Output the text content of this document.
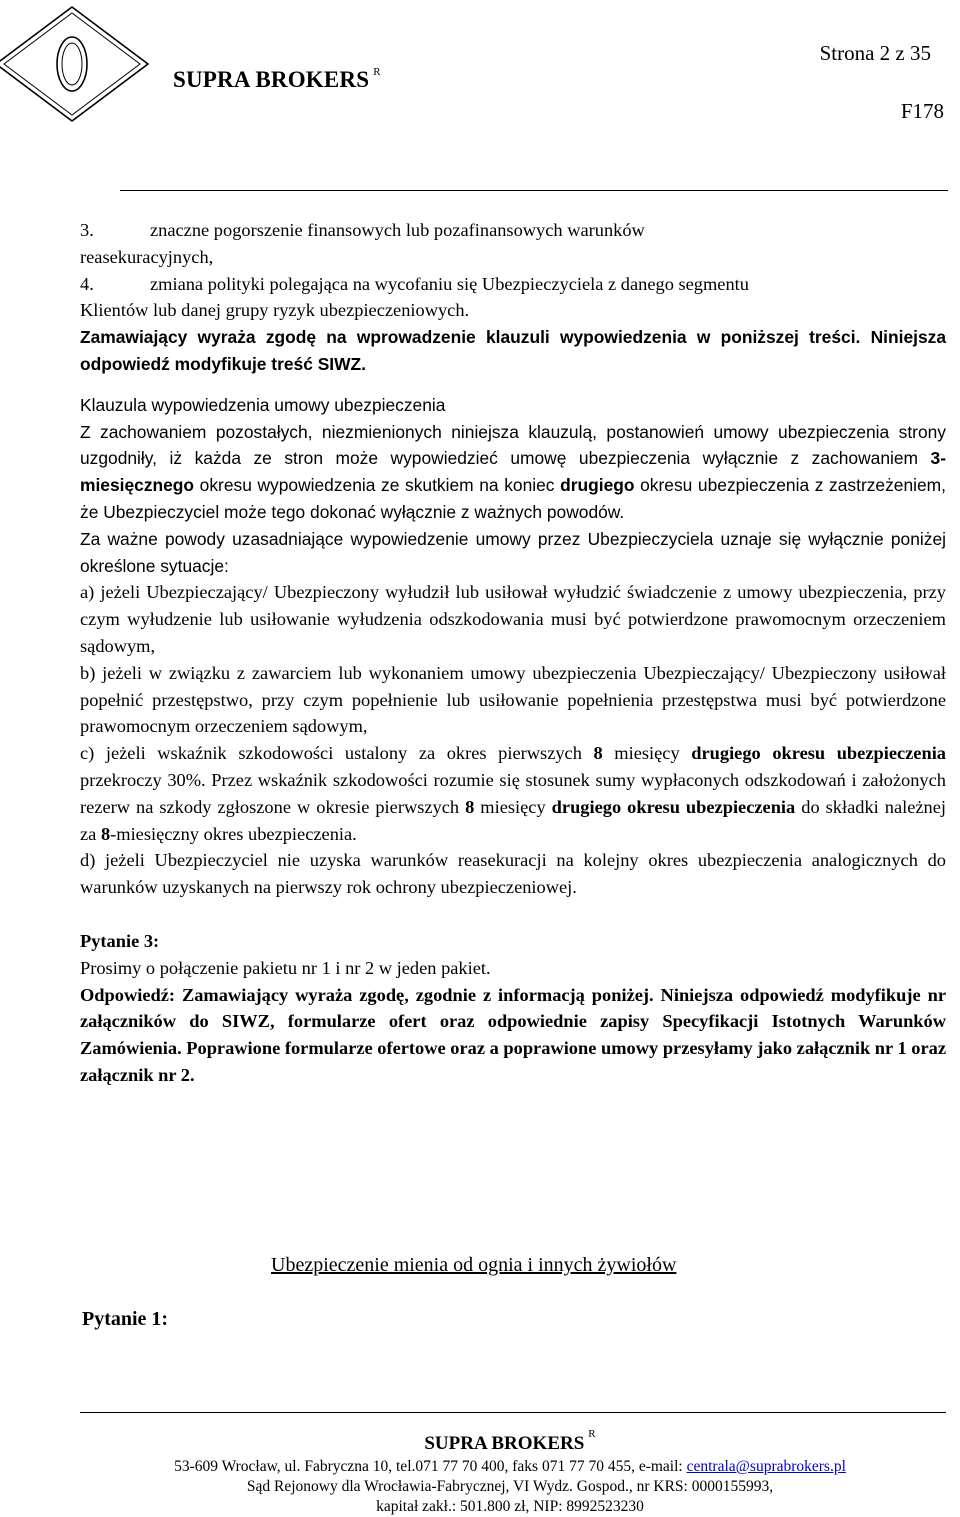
SUPRA BROKERS $^R$
Strona 2 z 35
F178

3.	znaczne pogorszenie finansowych lub pozafinansowych warunków

reasekuracyjnych,

4.	zmiana polityki polegająca na wycofaniu się Ubezpieczyciela z danego segmentu

Klientów lub danej grupy ryzyk ubezpieczeniowych.

Zamawiający wyraża zgodę na wprowadzenie klauzuli wypowiedzenia w poniższej treści. Niniejsza odpowiedź modyfikuje treść SIWZ.

Klauzula wypowiedzenia umowy ubezpieczenia

Z zachowaniem pozostałych, niezmienionych niniejsza klauzulą, postanowień umowy ubezpieczenia strony uzgodniły, iż każda ze stron może wypowiedzieć umowę ubezpieczenia wyłącznie z zachowaniem 3-miesięcznego okresu wypowiedzenia ze skutkiem na koniec drugiego okresu ubezpieczenia z zastrzeżeniem, że Ubezpieczyciel może tego dokonać wyłącznie z ważnych powodów.

Za ważne powody uzasadniające wypowiedzenie umowy przez Ubezpieczyciela uznaje się wyłącznie poniżej określone sytuacje:

a) jeżeli Ubezpieczający/ Ubezpieczony wyłudził lub usiłował wyłudzić świadczenie z umowy ubezpieczenia, przy czym wyłudzenie lub usiłowanie wyłudzenia odszkodowania musi być potwierdzone prawomocnym orzeczeniem sądowym,

b) jeżeli w związku z zawarciem lub wykonaniem umowy ubezpieczenia Ubezpieczający/ Ubezpieczony usiłował popełnić przestępstwo, przy czym popełnienie lub usiłowanie popełnienia przestępstwa musi być potwierdzone prawomocnym orzeczeniem sądowym,

c) jeżeli wskaźnik szkodowości ustalony za okres pierwszych 8 miesięcy drugiego okresu ubezpieczenia przekroczy 30%. Przez wskaźnik szkodowości rozumie się stosunek sumy wypłaconych odszkodowań i założonych rezerw na szkody zgłoszone w okresie pierwszych 8 miesięcy drugiego okresu ubezpieczenia do składki należnej za 8-miesięczny okres ubezpieczenia.

d) jeżeli Ubezpieczyciel nie uzyska warunków reasekuracji na kolejny okres ubezpieczenia analogicznych do warunków uzyskanych na pierwszy rok ochrony ubezpieczeniowej.

Pytanie 3:

Prosimy o połączenie pakietu nr 1 i nr 2 w jeden pakiet.

Odpowiedź: Zamawiający wyraża zgodę, zgodnie z informacją poniżej. Niniejsza odpowiedź modyfikuje nr załączników do SIWZ, formularze ofert oraz odpowiednie zapisy Specyfikacji Istotnych Warunków Zamówienia. Poprawione formularze ofertowe oraz a poprawione umowy przesyłamy jako załącznik nr 1 oraz załącznik nr 2.

Ubezpieczenie mienia od ognia i innych żywiołów
Pytanie 1:
SUPRA BROKERS $^R$
53-609 Wrocław, ul. Fabryczna 10, tel.071 77 70 400, faks 071 77 70 455, e-mail: centrala@suprabrokers.pl
Sąd Rejonowy dla Wrocławia-Fabrycznej, VI Wydz. Gospod., nr KRS: 0000155993,
kapitał zakł.: 501.800 zł, NIP: 8992523230
